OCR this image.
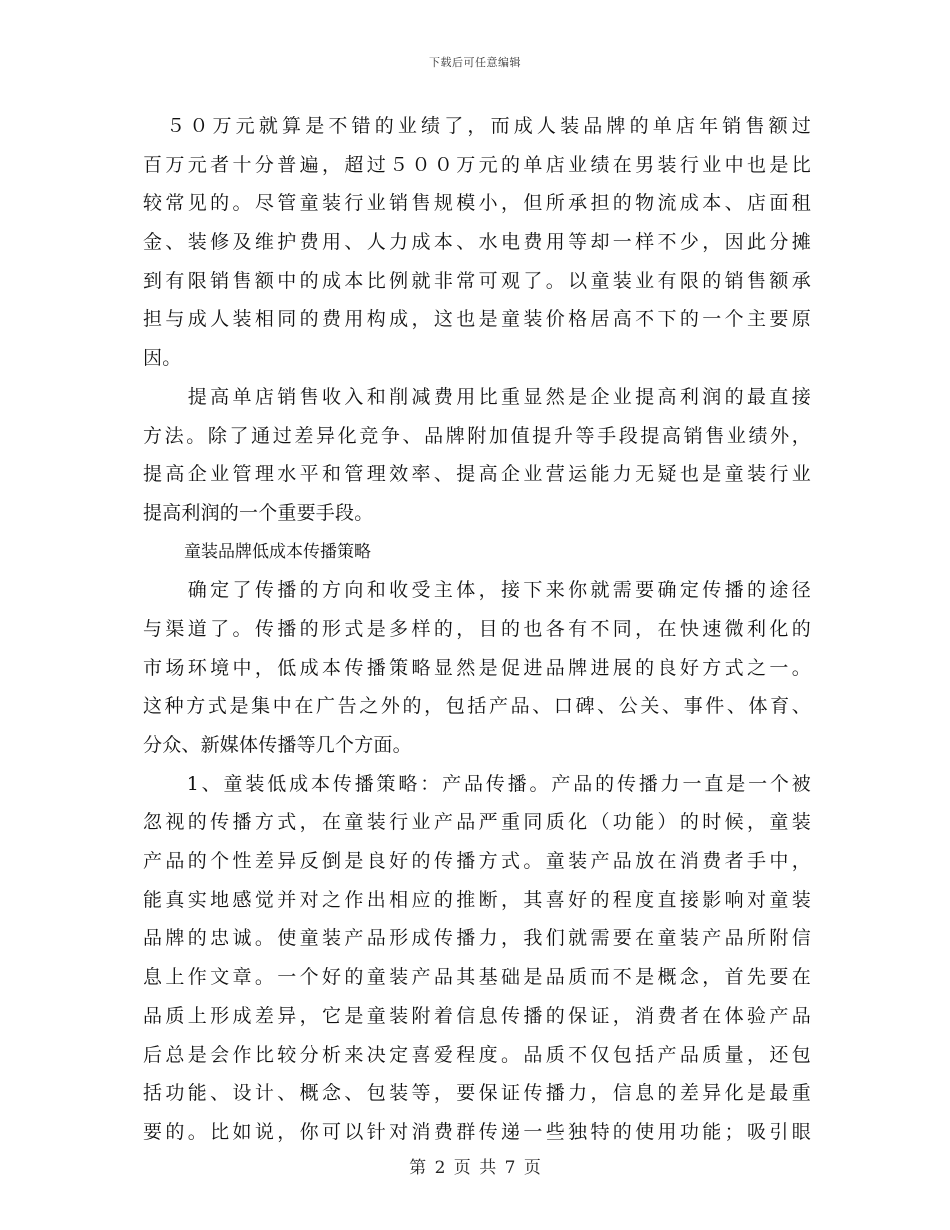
下载后可任意编辑
　５０万元就算是不错的业绩了，而成人装品牌的单店年销售额过
百万元者十分普遍，超过５００万元的单店业绩在男装行业中也是比
较常见的。尽管童装行业销售规模小，但所承担的物流成本、店面租
金、装修及维护费用、人力成本、水电费用等却一样不少，因此分摊
到有限销售额中的成本比例就非常可观了。以童装业有限的销售额承
担与成人装相同的费用构成，这也是童装价格居高不下的一个主要原
因。
　　提高单店销售收入和削减费用比重显然是企业提高利润的最直接
方法。除了通过差异化竞争、品牌附加值提升等手段提高销售业绩外，
提高企业管理水平和管理效率、提高企业营运能力无疑也是童装行业
提高利润的一个重要手段。
童装品牌低成本传播策略
　　确定了传播的方向和收受主体，接下来你就需要确定传播的途径
与渠道了。传播的形式是多样的，目的也各有不同，在快速微利化的
市场环境中，低成本传播策略显然是促进品牌进展的良好方式之一。
这种方式是集中在广告之外的，包括产品、口碑、公关、事件、体育、
分众、新媒体传播等几个方面。
　　1、童装低成本传播策略：产品传播。产品的传播力一直是一个被
忽视的传播方式，在童装行业产品严重同质化（功能）的时候，童装
产品的个性差异反倒是良好的传播方式。童装产品放在消费者手中，
能真实地感觉并对之作出相应的推断，其喜好的程度直接影响对童装
品牌的忠诚。使童装产品形成传播力，我们就需要在童装产品所附信
息上作文章。一个好的童装产品其基础是品质而不是概念，首先要在
品质上形成差异，它是童装附着信息传播的保证，消费者在体验产品
后总是会作比较分析来决定喜爱程度。品质不仅包括产品质量，还包
括功能、设计、概念、包装等，要保证传播力，信息的差异化是最重
要的。比如说，你可以针对消费群传递一些独特的使用功能；吸引眼
第 2 页 共 7 页
